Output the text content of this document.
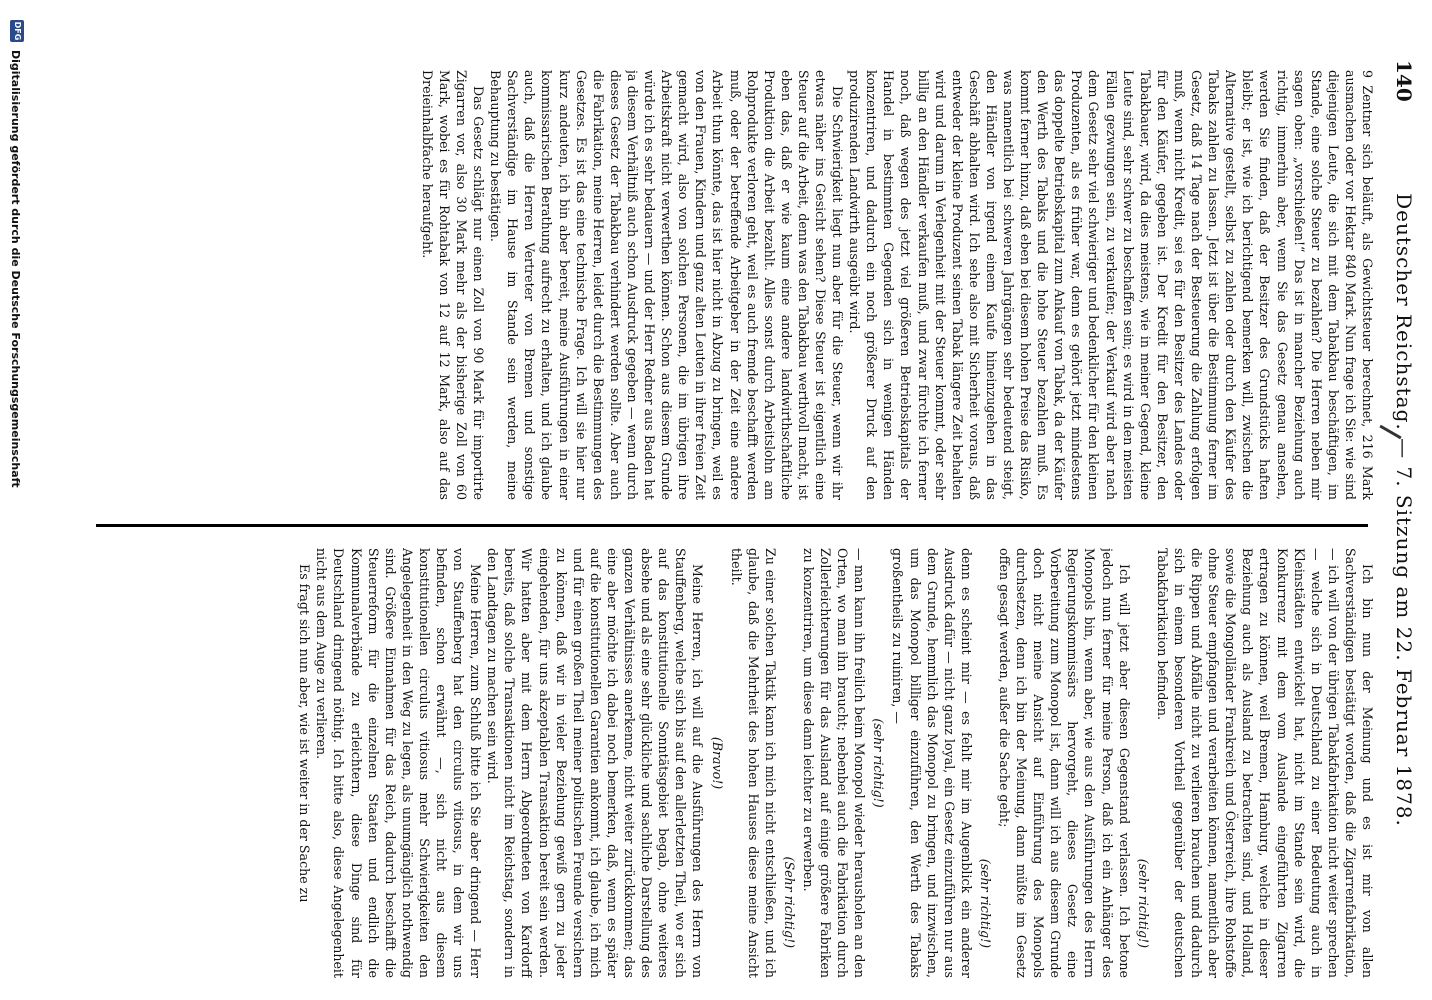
140
Deutscher Reichstag. — 7. Sitzung am 22. Februar 1878.

9 Zentner sich beläuft, als Gewichtsteuer berechnet, 216 Mark ausmachen oder vor Hektar 840 Mark. Nun frage ich Sie: wie sind diejenigen Leute, die sich mit dem Tabakbau beschäftigen, im Stande, eine solche Steuer zu bezahlen? Die Herren neben mir sagen oben: „vorschießen!“ Das ist in mancher Beziehung auch richtig, immerhin aber, wenn Sie das Gesetz genau ansehen, werden Sie finden, daß der Besitzer des Grundstücks haften bleibt; er ist, wie ich berichtigend bemerken will, zwischen die Alternative gestellt, selbst zu zahlen oder durch den Käufer des Tabaks zahlen zu lassen. Jetzt ist über die Bestimmung ferner im Gesetz, daß 14 Tage nach der Besteuerung die Zahlung erfolgen muß, wenn nicht Kredit, sei es für den Besitzer des Landes oder für den Käufer, gegeben ist. Der Kredit für den Besitzer, den Tabakbauer, wird, da dies meistens, wie in meiner Gegend, kleine Leute sind, sehr schwer zu beschaffen sein; es wird in den meisten Fällen gezwungen sein, zu verkaufen; der Verkauf wird aber nach dem Gesetz sehr viel schwieriger und bedenklicher für den kleinen Produzenten, als es früher war, denn es gehört jetzt mindestens das doppelte Betriebskapital zum Ankauf von Tabak, da der Käufer den Werth des Tabaks und die hohe Steuer bezahlen muß. Es kommt ferner hinzu, daß eben bei diesem hohen Preise das Risiko, was namentlich bei schweren Jahrgängen sehr bedeutend steigt, den Händler von irgend einem Kaufe hineinzugehen in das Geschäft abhalten wird. Ich sehe also mit Sicherheit voraus, daß entweder der kleine Produzent seinen Tabak längere Zeit behalten wird und darum in Verlegenheit mit der Steuer kommt, oder sehr billig an den Händler verkaufen muß, und zwar fürchte ich ferner noch, daß wegen des jetzt viel größeren Betriebskapitals der Handel in bestimmten Gegenden sich in wenigen Händen konzentriren, und dadurch ein noch größerer Druck auf den produzirenden Landwirth ausgeübt wird.

Die Schwierigkeit liegt nun aber für die Steuer, wenn wir ihr etwas näher ins Gesicht sehen? Diese Steuer ist eigentlich eine Steuer auf die Arbeit, denn was den Tabakbau werthvoll macht, ist eben das, daß er wie kaum eine andere landwirthschaftliche Produktion die Arbeit bezahlt. Alles sonst durch Arbeitslohn am Rohprodukte verloren geht, weil es auch fremde beschafft werden muß, oder der betreffende Arbeitgeber in der Zeit eine andere Arbeit thun könnte, das ist hier nicht in Abzug zu bringen, weil es von den Frauen, Kindern und ganz alten Leuten in ihrer freien Zeit gemacht wird, also von solchen Personen, die im übrigen ihre Arbeitskraft nicht verwerthen können. Schon aus diesem Grunde würde ich es sehr bedauern — und der Herr Redner aus Baden hat ja diesem Verhältniß auch schon Ausdruck gegeben — wenn durch dieses Gesetz der Tabakbau verhindert werden sollte. Aber auch die Fabrikation, meine Herren, leidet durch die Bestimmungen des Gesetzes. Es ist das eine technische Frage. Ich will sie hier nur kurz andeuten, ich bin aber bereit, meine Ausführungen in einer kommissarischen Berathung aufrecht zu erhalten, und ich glaube auch, daß die Herren Vertreter von Bremen und sonstige Sachverständige im Hause im Stande sein werden, meine Behauptung zu bestätigen.

Das Gesetz schlägt nur einen Zoll von 90 Mark für importirte Zigarren vor, also 30 Mark mehr als der bisherige Zoll von 60 Mark, wobei es für Rohtabak von 12 auf 12 Mark, also auf das Dreieinhalbfache heraufgeht.

Ich bin nun der Meinung und es ist mir von allen Sachverständigen bestätigt worden, daß die Zigarrenfabrikation, — ich will von der übrigen Tabakfabrikation nicht weiter sprechen — welche sich in Deutschland zu einer Bedeutung auch in Kleinstädten entwickelt hat, nicht im Stande sein wird, die Konkurrenz mit dem vom Auslande eingeführten Zigarren ertragen zu können, weil Bremen, Hamburg, welche in dieser Beziehung auch als Ausland zu betrachten sind, und Holland, sowie die Mongolländer Frankreich und Österreich, ihre Rohstoffe ohne Steuer empfangen und verarbeiten können, namentlich aber die Rippen und Abfälle nicht zu verlieren brauchen und dadurch sich in einem besonderen Vortheil gegenüber der deutschen Tabakfabrikation befinden.

(sehr richtig!)

Ich will jetzt aber diesen Gegenstand verlassen. Ich betone jedoch nun ferner für meine Person, daß ich ein Anhänger des Monopols bin, wenn aber, wie aus den Ausführungen des Herrn Regierungskommissärs hervorgeht, dieses Gesetz eine Vorbereitung zum Monopol ist, dann will ich aus diesem Grunde doch nicht meine Ansicht auf Einführung des Monopols durchsetzen, denn ich bin der Meinung, dann müßte im Gesetz offen gesagt werden, außer die Sache geht;

(sehr richtig!)

denn es scheint mir — es fehlt mir im Augenblick ein anderer Ausdruck dafür — nicht ganz loyal, ein Gesetz einzuführen nur aus dem Grunde, hemmlich das Monopol zu bringen, und inzwischen, um das Monopol billiger einzuführen, den Werth des Tabaks großentheils zu ruiniren, —

(sehr richtig!)

— man kann ihn freilich beim Monopol wieder herausholen an den Orten, wo man ihn braucht; nebenbei auch die Fabrikation durch Zollerleichterungen für das Ausland auf einige größere Fabriken zu konzentriren, um diese dann leichter zu erwerben.

(Sehr richtig!)

Zu einer solchen Taktik kann ich mich nicht entschließen, und ich glaube, daß die Mehrheit des hohen Hauses diese meine Ansicht theilt.

(Bravo!)

Meine Herren, ich will auf die Ausführungen des Herrn von Stauffenberg, welche sich bis auf den allerletzten Theil, wo er sich auf das konstitutionelle Sonntätsgebiet begab, ohne weiteres absehe und als eine sehr glückliche und sachliche Darstellung des ganzen Verhältnisses anerkenne, nicht weiter zurückkommen; das eine aber möchte ich dabei noch bemerken, daß, wenn es später auf die konstitutionellen Garantien ankommt, ich glaube, ich mich und für einen großen Theil meiner politischen Freunde versichern zu können, daß wir in vieler Beziehung gewiß gern zu jeder eingehenden, für uns akzeptablen Transaktion bereit sein werden. Wir hatten aber mit dem Herrn Abgeordneten von Kardorff bereits, daß solche Transaktionen nicht im Reichstag, sondern in den Landtagen zu machen sein wird.

Meine Herren, zum Schluß bitte ich Sie aber dringend — Herr von Stauffenberg hat den circulus vitiosus, in dem wir uns befinden, schon erwähnt —, sich nicht aus diesem konstitutionellen circulus vitiosus mehr Schwierigkeiten den Angelegenheit in den Weg zu legen, als unumgänglich nothwendig sind. Größere Einnahmen für das Reich, dadurch beschafft die Steuerreform für die einzelnen Staaten und endlich die Kommunalverbände zu erleichtern, diese Dinge sind für Deutschland dringend nöthig. Ich bitte also, diese Angelegenheit nicht aus dem Auge zu verlieren.

Es fragt sich nun aber, wie ist weiter in der Sache zu

DFG
Digitalisierung gefördert durch die Deutsche Forschungsgemeinschaft
